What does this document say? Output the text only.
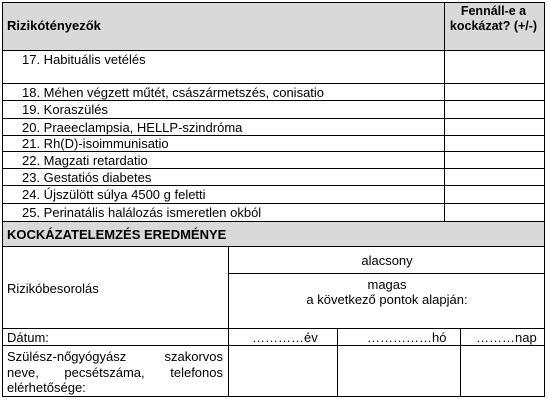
Rizikótényezők
Fennáll-e a kockázat? (+/-)
17. Habituális vetélés
18. Méhen végzett műtét, császármetszés, conisatio
19. Koraszülés
20. Praeeclampsia, HELLP-szindróma
21. Rh(D)-isoimmunisatio
22. Magzati retardatio
23. Gestatiós diabetes
24. Újszülött súlya 4500 g feletti
25. Perinatális halálozás ismeretlen okból
KOCKÁZATELEMZÉS EREDMÉNYE
Rizikóbesorolás
alacsony
magas
a következő pontok alapján:
Dátum:	…………év	……………hó ………nap
Szülész-nőgyógyász szakorvos neve, pecsétszáma, telefonos elérhetősége:
